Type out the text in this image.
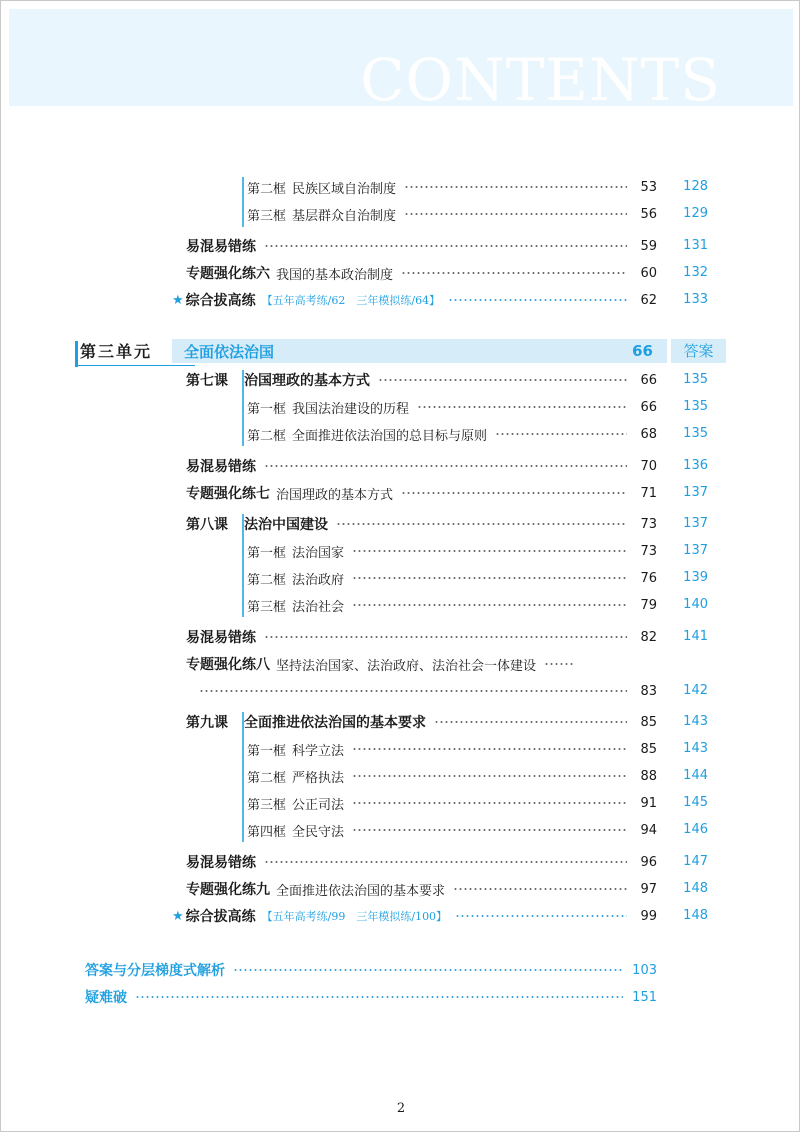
CONTENTS
第二框 民族区域自治制度	53	128
第三框 基层群众自治制度	56	129
易混易错练	59	131
专题强化练六 我国的基本政治制度	60	132
★ 综合拔高练 【五年高考练/62　三年模拟练/64】	62	133
第三单元	全面依法治国	66	答案
第七课 治国理政的基本方式	66	135
第一框 我国法治建设的历程	66	135
第二框 全面推进依法治国的总目标与原则	68	135
易混易错练	70	136
专题强化练七 治国理政的基本方式	71	137
第八课 法治中国建设	73	137
第一框 法治国家	73	137
第二框 法治政府	76	139
第三框 法治社会	79	140
易混易错练	82	141
专题强化练八 坚持法治国家、法治政府、法治社会一体建设
83	142
第九课 全面推进依法治国的基本要求	85	143
第一框 科学立法	85	143
第二框 严格执法	88	144
第三框 公正司法	91	145
第四框 全民守法	94	146
易混易错练	96	147
专题强化练九 全面推进依法治国的基本要求	97	148
★ 综合拔高练 【五年高考练/99　三年模拟练/100】	99	148
答案与分层梯度式解析	103
疑难破	151
2
